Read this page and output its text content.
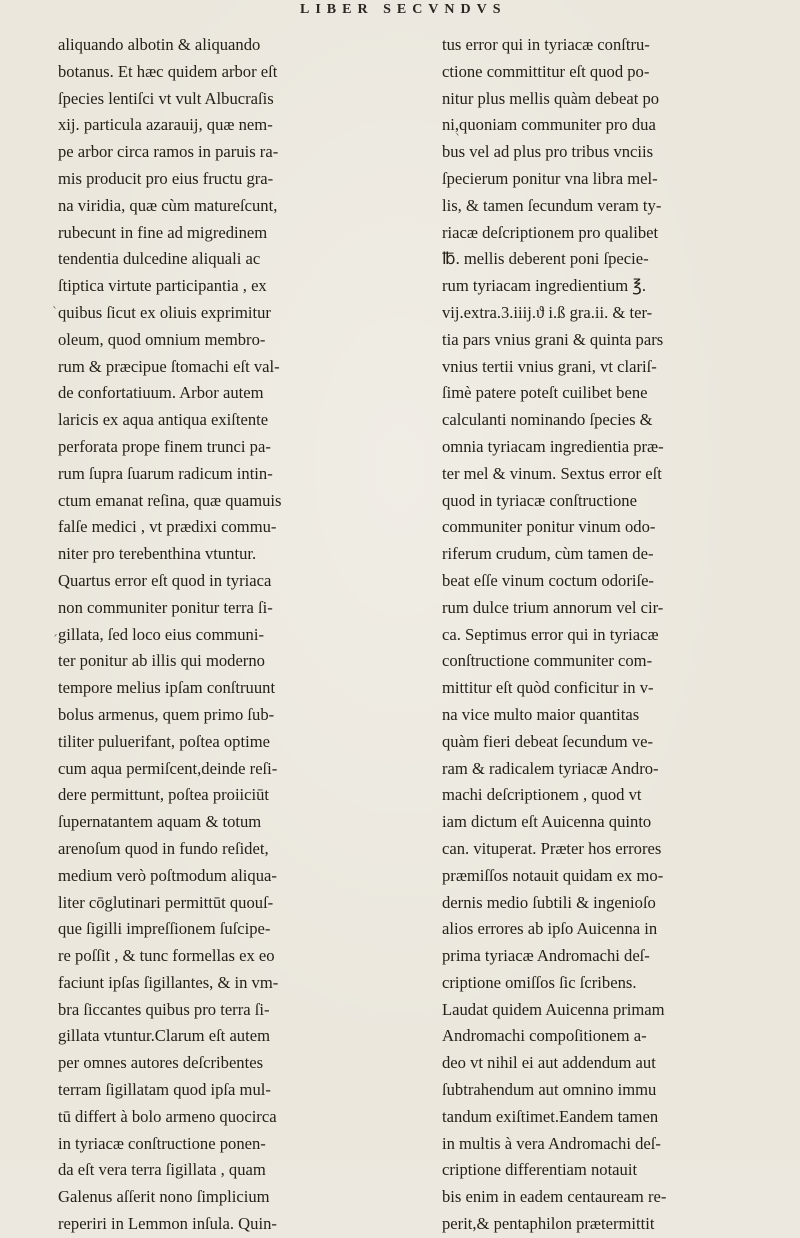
LIBER SECVNDVS
aliquando albotin & aliquando
botanus. Et hæc quidem arbor eſt
ſpecies lentiſci vt vult Albucraſis
xij. particula azarauij, quæ nem-
pe arbor circa ramos in paruis ra-
mis producit pro eius fructu gra-
na viridia, quæ cùm matureſcunt,
rubecunt in fine ad migredinem
tendentia dulcedine aliquali ac
ſtiptica virtute participantia , ex
quibus ſicut ex oliuis exprimitur
oleum, quod omnium membro-
rum & præcipue ſtomachi eſt val-
de confortatiuum. Arbor autem
laricis ex aqua antiqua exiſtente
perforata prope finem trunci pa-
rum ſupra ſuarum radicum intin-
ctum emanat reſina, quæ quamuis
falſe medici , vt prædixi commu-
niter pro terebenthina vtuntur.
Quartus error eſt quod in tyriaca
non communiter ponitur terra ſi-
gillata, ſed loco eius communi-
ter ponitur ab illis qui moderno
tempore melius ipſam conſtruunt
bolus armenus, quem primo ſub-
tiliter puluerifant, poſtea optime
cum aqua permiſcent,deinde reſi-
dere permittunt, poſtea proiiciūt
ſupernatantem aquam & totum
arenoſum quod in fundo reſidet,
medium verò poſtmodum aliqua-
liter cōglutinari permittūt quouſ-
que ſigilli impreſſionem ſuſcipe-
re poſſit , & tunc formellas ex eo
faciunt ipſas ſigillantes, & in vm-
bra ſiccantes quibus pro terra ſi-
gillata vtuntur.Clarum eſt autem
per omnes autores deſcribentes
terram ſigillatam quod ipſa mul-
tū differt à bolo armeno quocirca
in tyriacæ conſtructione ponen-
da eſt vera terra ſigillata , quam
Galenus aſſerit nono ſimplicium
reperiri in Lemmon inſula. Quin-
tus error qui in tyriacæ conſtru-
ctione committitur eſt quod po-
nitur plus mellis quàm debeat po
ni,quoniam communiter pro dua
bus vel ad plus pro tribus vnciis
ſpecierum ponitur vna libra mel-
lis, & tamen ſecundum veram ty-
riacæ deſcriptionem pro qualibet
℔. mellis deberent poni ſpecie-
rum tyriacam ingredientium ℥.
vij.extra.3.iiij.ϑ i.ß gra.ii. & ter-
tia pars vnius grani & quinta pars
vnius tertii vnius grani, vt clariſ-
ſimè patere poteſt cuilibet bene
calculanti nominando ſpecies &
omnia tyriacam ingredientia præ-
ter mel & vinum. Sextus error eſt
quod in tyriacæ conſtructione
communiter ponitur vinum odo-
riferum crudum, cùm tamen de-
beat eſſe vinum coctum odoriſe-
rum dulce trium annorum vel cir-
ca. Septimus error qui in tyriacæ
conſtructione communiter com-
mittitur eſt quòd conficitur in v-
na vice multo maior quantitas
quàm fieri debeat ſecundum ve-
ram & radicalem tyriacæ Andro-
machi deſcriptionem , quod vt
iam dictum eſt Auicenna quinto
can. vituperat. Præter hos errores
præmiſſos notauit quidam ex mo-
dernis medio ſubtili & ingenioſo
alios errores ab ipſo Auicenna in
prima tyriacæ Andromachi deſ-
criptione omiſſos ſic ſcribens.
Laudat quidem Auicenna primam
Andromachi compoſitionem a-
deo vt nihil ei aut addendum aut
ſubtrahendum aut omnino immu
tandum exiſtimet.Eandem tamen
in multis à vera Andromachi deſ-
criptione differentiam notauit
bis enim in eadem centauream re-
perit,& pentaphilon prætermittit
ˋ
ˊ
ˋ
